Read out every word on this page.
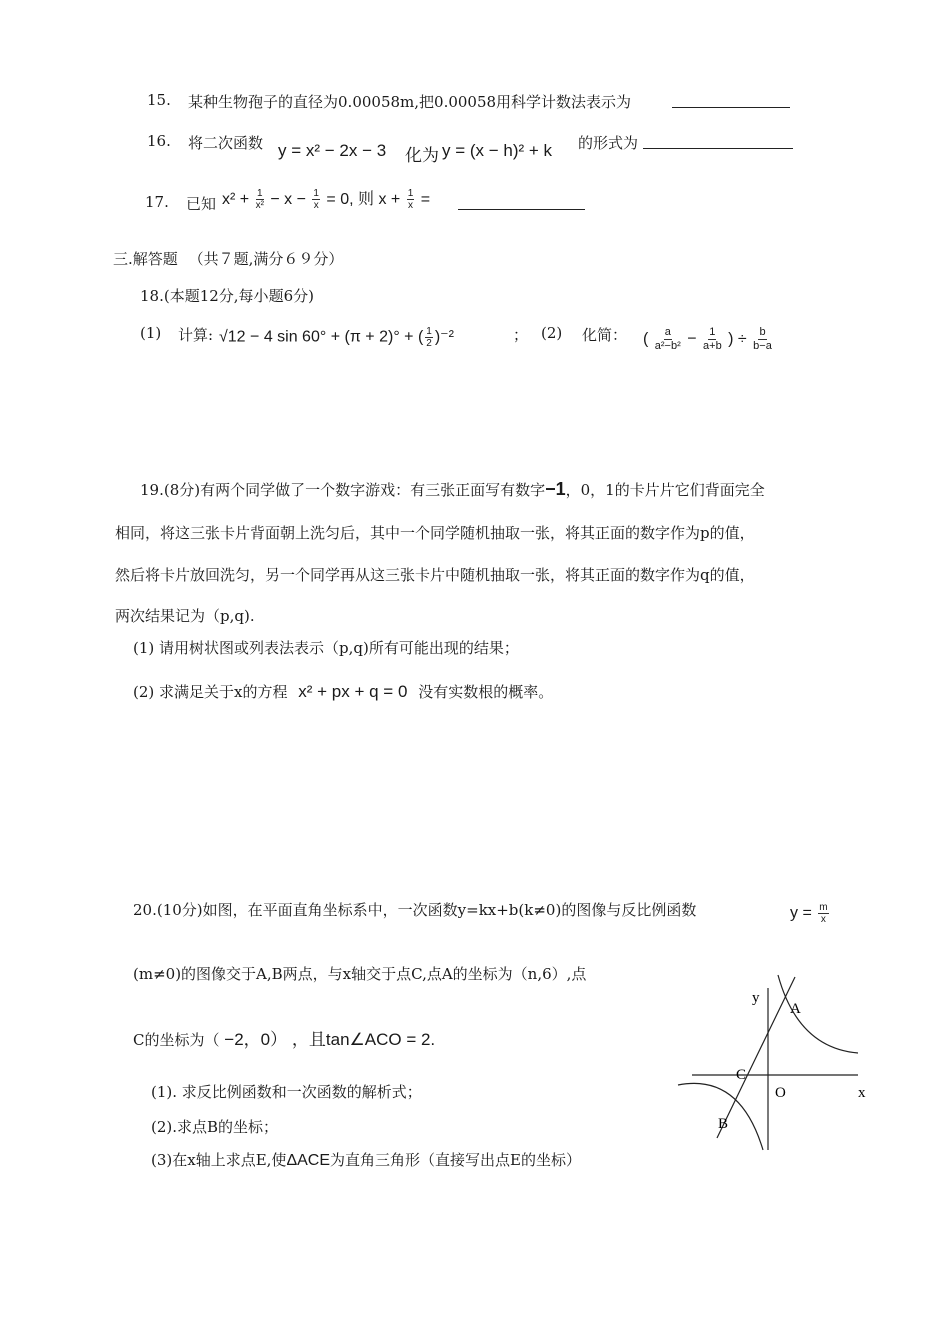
15. 某种生物孢子的直径为0.00058m,把0.00058用科学计数法表示为
16. 将二次函数 y = x² − 2x − 3 化为 y = (x − h)² + k 的形式为
17. 已知 $x^2 + \frac{1}{\text{x²}} - x - \frac{1}{x} = 0$, 则 $x + \frac{1}{x}$ =
三.解答题 （共７题,满分６９分）
18.(本题12分,每小题6分)
(1) 计算: √12 − 4 sin 60° + (π + 2)° + ( $\frac{1}{2} )^{-2}$	； (2) 化简： ( $\frac{a}{\text{a²−b²}} - \frac{1}{a+b}$ ) ÷ $\frac{b}{b-a}$
19.(8分)有两个同学做了一个数字游戏：有三张正面写有数字−1，0，1的卡片片它们背面完全
相同，将这三张卡片背面朝上洗匀后，其中一个同学随机抽取一张，将其正面的数字作为p的值，
然后将卡片放回洗匀，另一个同学再从这三张卡片中随机抽取一张，将其正面的数字作为q的值，
两次结果记为（p,q).
(1) 请用树状图或列表法表示（p,q)所有可能出现的结果；
(2) 求满足关于x的方程 x² + px + q = 0 没有实数根的概率。
20.(10分)如图，在平面直角坐标系中，一次函数y=kx+b(k≠0)的图像与反比例函数	$y = \frac{m}{x}$
(m≠0)的图像交于A,B两点，与x轴交于点C,点A的坐标为（n,6）,点
C的坐标为（ −2，0） ，且tan∠ACO = 2.
(1). 求反比例函数和一次函数的解析式；
(2).求点B的坐标；
(3)在x轴上求点E,使ΔACE为直角三角形（直接写出点E的坐标）
y
x
A
B
C
O
